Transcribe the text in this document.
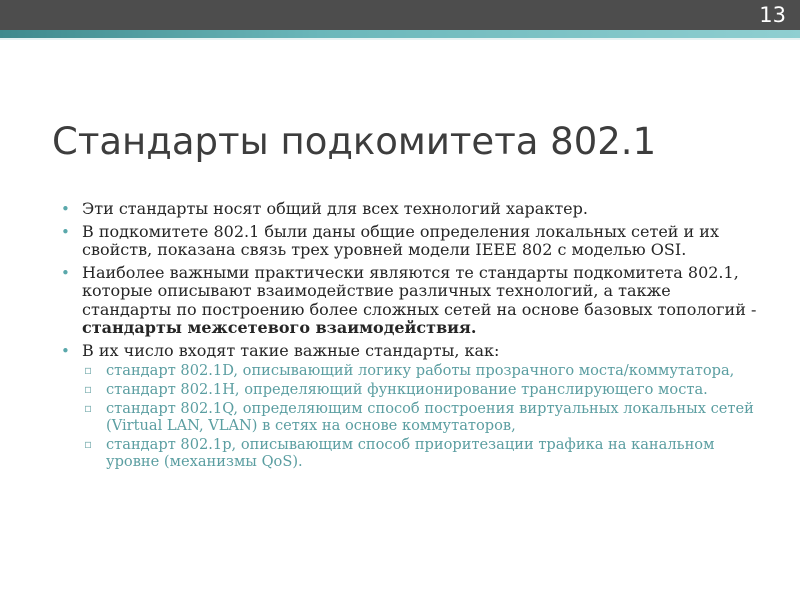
13
Стандарты подкомитета 802.1
• Эти стандарты носят общий для всех технологий характер.
• В подкомитете 802.1 были даны общие определения локальных сетей и их свойств, показана связь трех уровней модели IEEE 802 с моделью OSI.
• Наиболее важными практически являются те стандарты подкомитета 802.1, которые описывают взаимодействие различных технологий, а также стандарты по построению более сложных сетей на основе базовых топологий - стандарты межсетевого взаимодействия.
• В их число входят такие важные стандарты, как:
▫ стандарт 802.1D, описывающий логику работы прозрачного моста/коммутатора,
▫ стандарт 802.1H, определяющий функционирование транслирующего моста.
▫ стандарт 802.1Q, определяющим способ построения виртуальных локальных сетей (Virtual LAN, VLAN) в сетях на основе коммутаторов,
▫ стандарт 802.1р, описывающим способ приоритезации трафика на канальном уровне (механизмы QoS).
